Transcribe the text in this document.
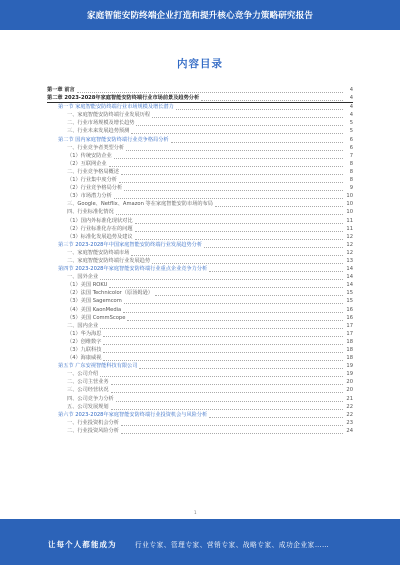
家庭智能安防终端企业打造和提升核心竞争力策略研究报告
内容目录
第一章 前言	4
第二章 2023-2028年家庭智能安防终端行业市场前景及趋势分析	4
第一节 家庭智能安防终端行业市场规模及增长潜力	4
一、家庭智能安防终端行业发展历程	4
二、行业市场规模及增长趋势	5
三、行业未来发展趋势预测	5
第二节 国内家庭智能安防终端行业竞争格局分析	6
一、行业竞争者类型分析	6
（1）传统安防企业	7
（2）互联网企业	8
二、行业竞争格局概述	8
（1）行业集中度分析	8
（2）行业竞争格局分析	9
（3）市场潜力分析	10
三、Google、Netflix、Amazon 等在家庭智能安防市场的布局	10
四、行业标准化情况	10
（1）国内外标准化现状对比	11
（2）行业标准化存在的问题	11
（3）标准化发展趋势及建议	12
第三节 2023-2028年中国家庭智能安防终端行业发展趋势分析	12
一、家庭智能安防终端市场	12
二、家庭智能安防终端行业发展趋势	13
第四节 2023-2028年家庭智能安防终端行业重点企业竞争力分析	14
一、国外企业	14
（1）美国 ROKU	14
（2）法国 Technicolor（原汤姆逊）	15
（3）美国 Sagemcom	15
（4）美国 KaonMedia	16
（5）美国 CommScope	16
二、国内企业	17
（1）华为海思	17
（2）创维数字	18
（3）九联科技	18
（4）海康威视	18
第五节 广东安视智能科技有限公司	19
一、公司介绍	19
二、公司主营业务	20
三、公司经营状况	20
四、公司竞争力分析	21
五、公司发展规划	22
第六节 2023-2028年家庭智能安防终端行业投资机会与风险分析	22
一、行业投资机会分析	23
二、行业投资风险分析	24
1
让每个人都能成为	行业专家、管理专家、营销专家、战略专家、成功企业家……
